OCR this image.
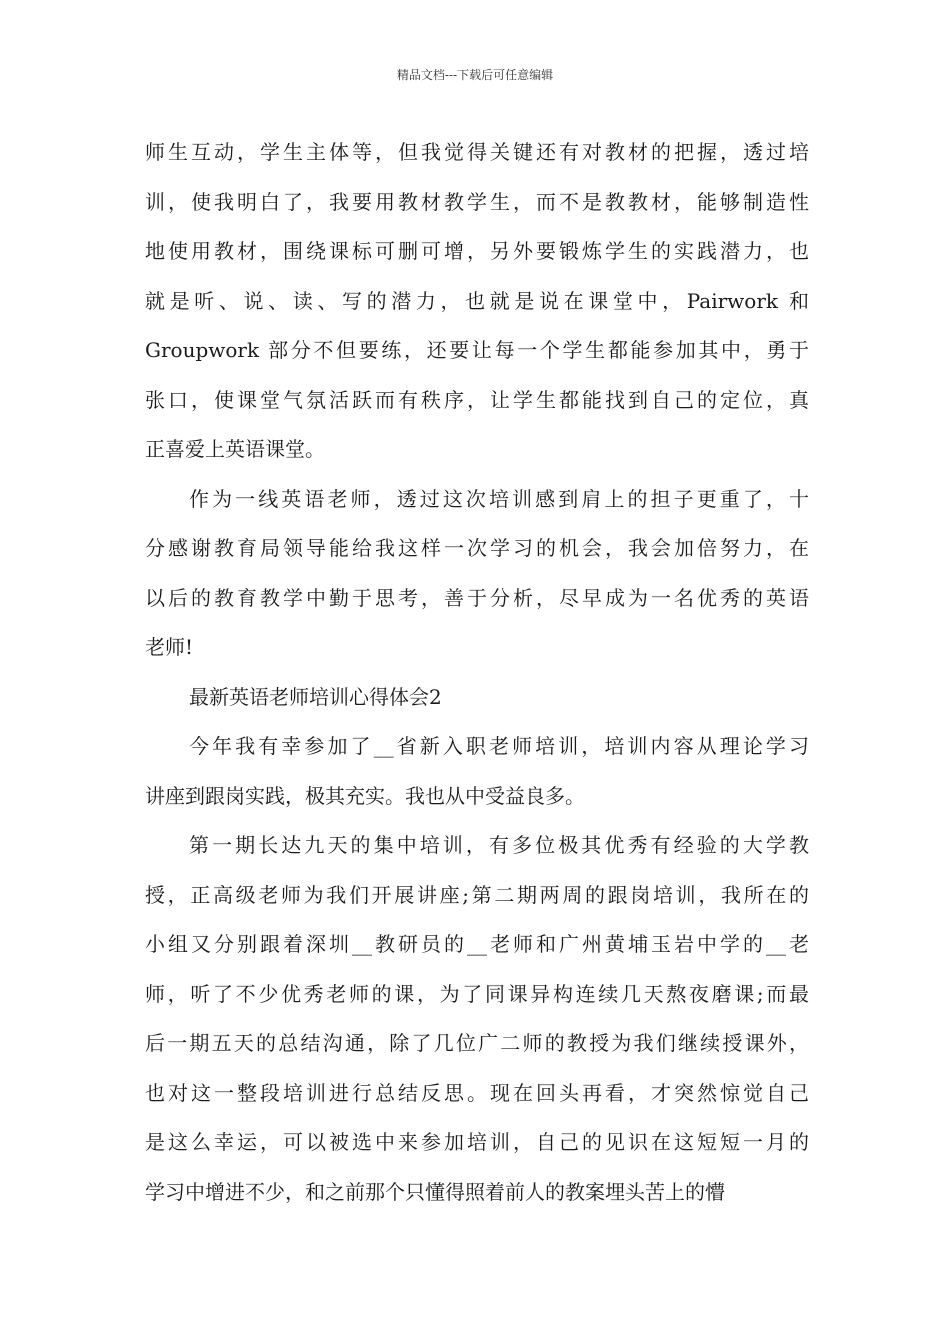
精品文档---下载后可任意编辑
师生互动，学生主体等，但我觉得关键还有对教材的把握，透过培
训，使我明白了，我要用教材教学生，而不是教教材，能够制造性
地使用教材，围绕课标可删可增，另外要锻炼学生的实践潜力，也
就是听、说、读、写的潜力，也就是说在课堂中，Pairwork 和
Groupwork 部分不但要练，还要让每一个学生都能参加其中，勇于
张口，使课堂气氛活跃而有秩序，让学生都能找到自己的定位，真
正喜爱上英语课堂。
作为一线英语老师，透过这次培训感到肩上的担子更重了，十
分感谢教育局领导能给我这样一次学习的机会，我会加倍努力，在
以后的教育教学中勤于思考，善于分析，尽早成为一名优秀的英语
老师!
最新英语老师培训心得体会2
今年我有幸参加了__省新入职老师培训，培训内容从理论学习
讲座到跟岗实践，极其充实。我也从中受益良多。
第一期长达九天的集中培训，有多位极其优秀有经验的大学教
授，正高级老师为我们开展讲座;第二期两周的跟岗培训，我所在的
小组又分别跟着深圳__教研员的__老师和广州黄埔玉岩中学的__老
师，听了不少优秀老师的课，为了同课异构连续几天熬夜磨课;而最
后一期五天的总结沟通，除了几位广二师的教授为我们继续授课外，
也对这一整段培训进行总结反思。现在回头再看，才突然惊觉自己
是这么幸运，可以被选中来参加培训，自己的见识在这短短一月的
学习中增进不少，和之前那个只懂得照着前人的教案埋头苦上的懵
